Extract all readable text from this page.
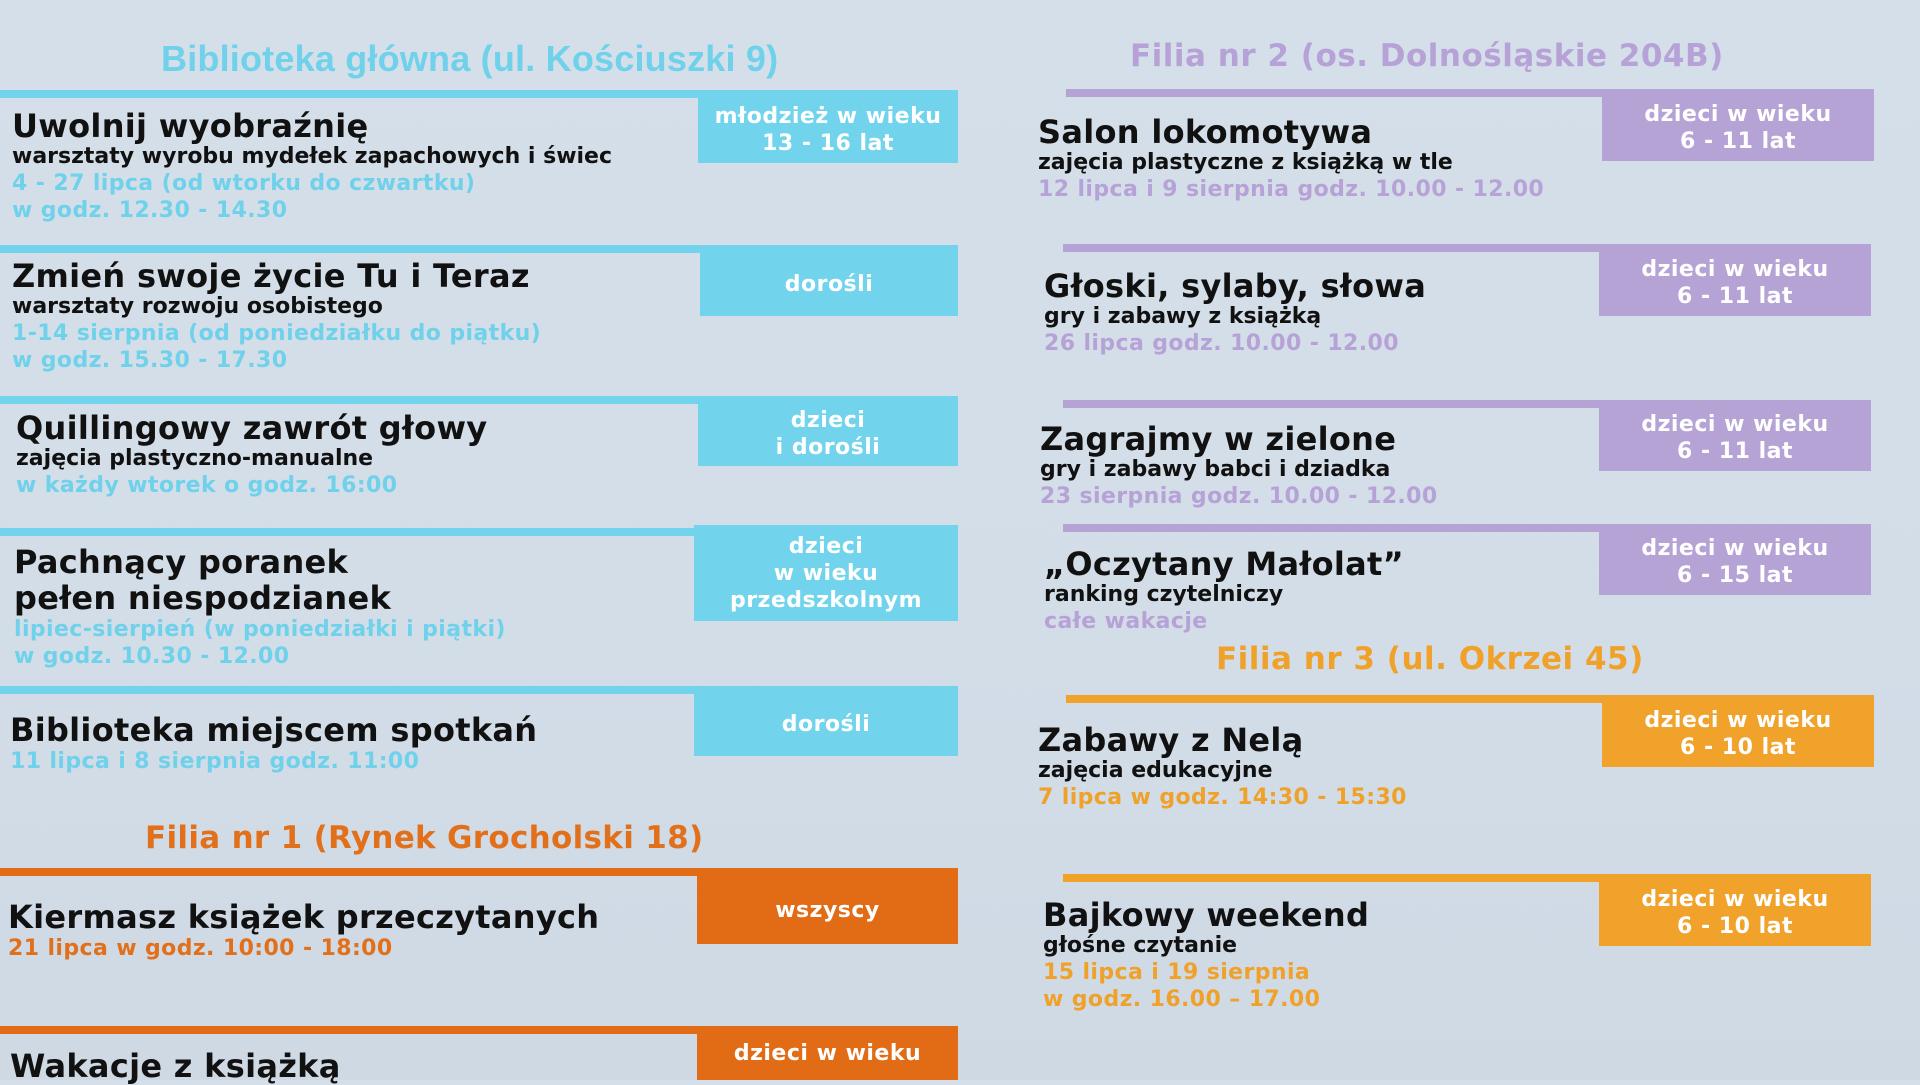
Biblioteka główna (ul. Kościuszki 9)
młodzież w wieku
13 - 16 lat
Uwolnij wyobraźnię
warsztaty wyrobu mydełek zapachowych i świec
4 - 27 lipca (od wtorku do czwartku)
w godz. 12.30 - 14.30
dorośli
Zmień swoje życie Tu i Teraz
warsztaty rozwoju osobistego
1-14 sierpnia (od poniedziałku do piątku)
w godz. 15.30 - 17.30
dzieci
i dorośli
Quillingowy zawrót głowy
zajęcia plastyczno-manualne
w każdy wtorek o godz. 16:00
dzieci
w wieku
przedszkolnym
Pachnący poranek
pełen niespodzianek
lipiec-sierpień (w poniedziałki i piątki)
w godz. 10.30 - 12.00
dorośli
Biblioteka miejscem spotkań
11 lipca i 8 sierpnia godz. 11:00
Filia nr 1 (Rynek Grocholski 18)
wszyscy
Kiermasz książek przeczytanych
21 lipca w godz. 10:00 - 18:00
dzieci w wieku
Wakacje z książką
Filia nr 2 (os. Dolnośląskie 204B)
dzieci w wieku
6 - 11 lat
Salon lokomotywa
zajęcia plastyczne z książką w tle
12 lipca i 9 sierpnia godz. 10.00 - 12.00
dzieci w wieku
6 - 11 lat
Głoski, sylaby, słowa
gry i zabawy z książką
26 lipca godz. 10.00 - 12.00
dzieci w wieku
6 - 11 lat
Zagrajmy w zielone
gry i zabawy babci i dziadka
23 sierpnia godz. 10.00 - 12.00
dzieci w wieku
6 - 15 lat
„Oczytany Małolat”
ranking czytelniczy
całe wakacje
Filia nr 3 (ul. Okrzei 45)
dzieci w wieku
6 - 10 lat
Zabawy z Nelą
zajęcia edukacyjne
7 lipca w godz. 14:30 - 15:30
dzieci w wieku
6 - 10 lat
Bajkowy weekend
głośne czytanie
15 lipca i 19 sierpnia
w godz. 16.00 – 17.00
